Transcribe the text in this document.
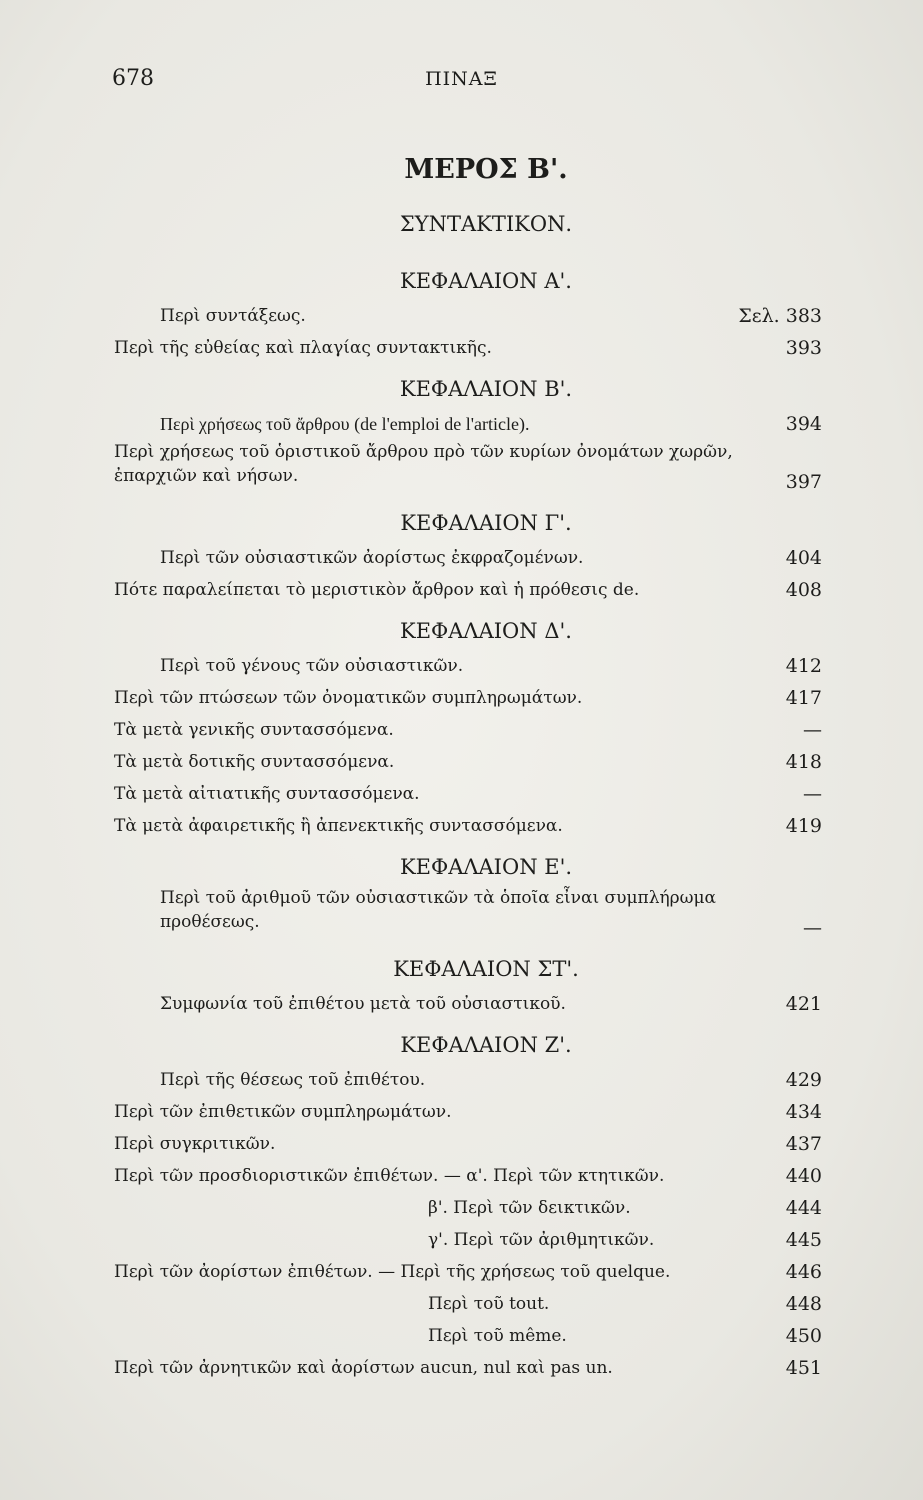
678	ΠΙΝΑΞ
ΜΕΡΟΣ Β'.
ΣΥΝΤΑΚΤΙΚΟΝ.
ΚΕΦΑΛΑΙΟΝ Α'.
Περὶ συντάξεως.	Σελ. 383
Περὶ τῆς εὐθείας καὶ πλαγίας συντακτικῆς.	393
ΚΕΦΑΛΑΙΟΝ Β'.
Περὶ χρήσεως τοῦ ἄρθρου (de l'emploi de l'article).	394
Περὶ χρήσεως τοῦ ὁριστικοῦ ἄρθρου πρὸ τῶν κυρίων ὀνομάτων χωρῶν, ἐπαρχιῶν καὶ νήσων.	397
ΚΕΦΑΛΑΙΟΝ Γ'.
Περὶ τῶν οὐσιαστικῶν ἀορίστως ἐκφραζομένων.	404
Πότε παραλείπεται τὸ μεριστικὸν ἄρθρον καὶ ἡ πρόθεσις de.	408
ΚΕΦΑΛΑΙΟΝ Δ'.
Περὶ τοῦ γένους τῶν οὐσιαστικῶν.	412
Περὶ τῶν πτώσεων τῶν ὀνοματικῶν συμπληρωμάτων.	417
Τὰ μετὰ γενικῆς συντασσόμενα.	—
Τὰ μετὰ δοτικῆς συντασσόμενα.	418
Τὰ μετὰ αἰτιατικῆς συντασσόμενα.	—
Τὰ μετὰ ἀφαιρετικῆς ἢ ἀπενεκτικῆς συντασσόμενα.	419
ΚΕΦΑΛΑΙΟΝ Ε'.
Περὶ τοῦ ἀριθμοῦ τῶν οὐσιαστικῶν τὰ ὁποῖα εἶναι συμπλήρωμα προθέσεως.	—
ΚΕΦΑΛΑΙΟΝ ΣΤ'.
Συμφωνία τοῦ ἐπιθέτου μετὰ τοῦ οὐσιαστικοῦ.	421
ΚΕΦΑΛΑΙΟΝ Ζ'.
Περὶ τῆς θέσεως τοῦ ἐπιθέτου.	429
Περὶ τῶν ἐπιθετικῶν συμπληρωμάτων.	434
Περὶ συγκριτικῶν.	437
Περὶ τῶν προσδιοριστικῶν ἐπιθέτων. — α'. Περὶ τῶν κτητικῶν.	440
β'. Περὶ τῶν δεικτικῶν.	444
γ'. Περὶ τῶν ἀριθμητικῶν.	445
Περὶ τῶν ἀορίστων ἐπιθέτων. — Περὶ τῆς χρήσεως τοῦ quelque.	446
Περὶ τοῦ tout.	448
Περὶ τοῦ même.	450
Περὶ τῶν ἀρνητικῶν καὶ ἀορίστων aucun, nul καὶ pas un.	451
